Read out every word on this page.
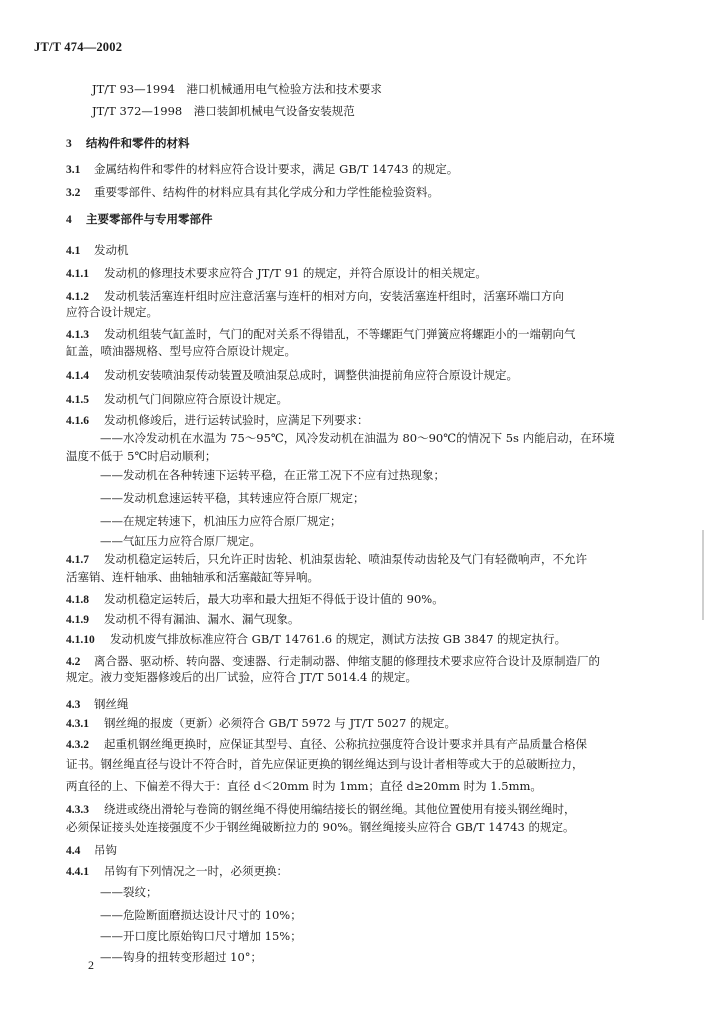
JT/T 474—2002
JT/T 93—1994　港口机械通用电气检验方法和技术要求
JT/T 372—1998　港口装卸机械电气设备安装规范
3 结构件和零件的材料
3.1 金属结构件和零件的材料应符合设计要求，满足 GB/T 14743 的规定。
3.2 重要零部件、结构件的材料应具有其化学成分和力学性能检验资料。
4 主要零部件与专用零部件
4.1 发动机
4.1.1 发动机的修理技术要求应符合 JT/T 91 的规定，并符合原设计的相关规定。
4.1.2 发动机装活塞连杆组时应注意活塞与连杆的相对方向，安装活塞连杆组时，活塞环端口方向
应符合设计规定。
4.1.3 发动机组装气缸盖时，气门的配对关系不得错乱，不等螺距气门弹簧应将螺距小的一端朝向气
缸盖，喷油器规格、型号应符合原设计规定。
4.1.4 发动机安装喷油泵传动装置及喷油泵总成时，调整供油提前角应符合原设计规定。
4.1.5 发动机气门间隙应符合原设计规定。
4.1.6 发动机修竣后，进行运转试验时，应满足下列要求：
——水冷发动机在水温为 75～95℃，风冷发动机在油温为 80～90℃的情况下 5s 内能启动，在环境
温度不低于 5℃时启动顺利；
——发动机在各种转速下运转平稳，在正常工况下不应有过热现象；
——发动机怠速运转平稳，其转速应符合原厂规定；
——在规定转速下，机油压力应符合原厂规定；
——气缸压力应符合原厂规定。
4.1.7 发动机稳定运转后，只允许正时齿轮、机油泵齿轮、喷油泵传动齿轮及气门有轻微响声，不允许
活塞销、连杆轴承、曲轴轴承和活塞敲缸等异响。
4.1.8 发动机稳定运转后，最大功率和最大扭矩不得低于设计值的 90%。
4.1.9 发动机不得有漏油、漏水、漏气现象。
4.1.10 发动机废气排放标准应符合 GB/T 14761.6 的规定，测试方法按 GB 3847 的规定执行。
4.2 离合器、驱动桥、转向器、变速器、行走制动器、伸缩支腿的修理技术要求应符合设计及原制造厂的
规定。液力变矩器修竣后的出厂试验，应符合 JT/T 5014.4 的规定。
4.3 钢丝绳
4.3.1 钢丝绳的报废（更新）必须符合 GB/T 5972 与 JT/T 5027 的规定。
4.3.2 起重机钢丝绳更换时，应保证其型号、直径、公称抗拉强度符合设计要求并具有产品质量合格保
证书。钢丝绳直径与设计不符合时，首先应保证更换的钢丝绳达到与设计者相等或大于的总破断拉力，
两直径的上、下偏差不得大于：直径 d＜20mm 时为 1mm；直径 d≥20mm 时为 1.5mm。
4.3.3 绕进或绕出滑轮与卷筒的钢丝绳不得使用编结接长的钢丝绳。其他位置使用有接头钢丝绳时，
必须保证接头处连接强度不少于钢丝绳破断拉力的 90%。钢丝绳接头应符合 GB/T 14743 的规定。
4.4 吊钩
4.4.1 吊钩有下列情况之一时，必须更换：
——裂纹；
——危险断面磨损达设计尺寸的 10%；
——开口度比原始钩口尺寸增加 15%；
——钩身的扭转变形超过 10°；
2
